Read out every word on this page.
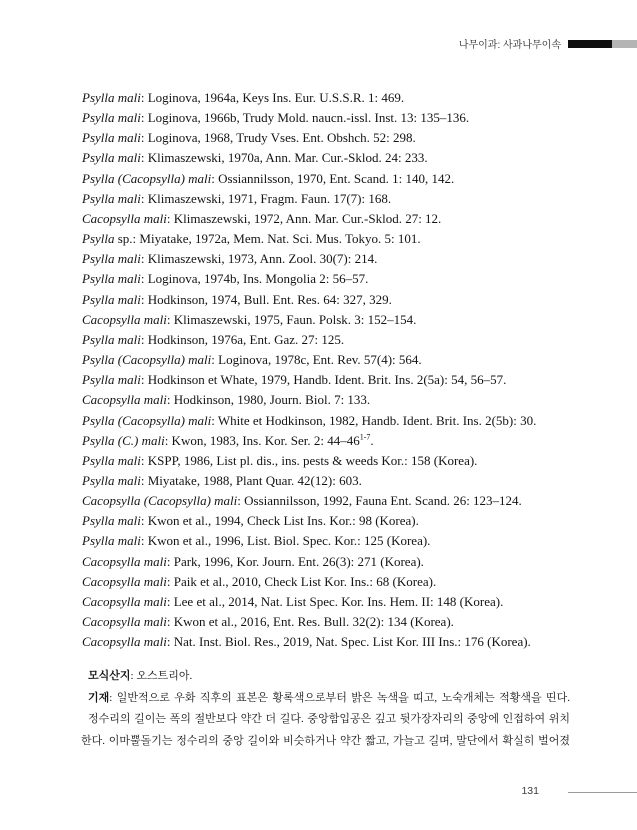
나무이과: 사과나무이속
Psylla mali: Loginova, 1964a, Keys Ins. Eur. U.S.S.R. 1: 469.
Psylla mali: Loginova, 1966b, Trudy Mold. naucn.-issl. Inst. 13: 135–136.
Psylla mali: Loginova, 1968, Trudy Vses. Ent. Obshch. 52: 298.
Psylla mali: Klimaszewski, 1970a, Ann. Mar. Cur.-Sklod. 24: 233.
Psylla (Cacopsylla) mali: Ossiannilsson, 1970, Ent. Scand. 1: 140, 142.
Psylla mali: Klimaszewski, 1971, Fragm. Faun. 17(7): 168.
Cacopsylla mali: Klimaszewski, 1972, Ann. Mar. Cur.-Sklod. 27: 12.
Psylla sp.: Miyatake, 1972a, Mem. Nat. Sci. Mus. Tokyo. 5: 101.
Psylla mali: Klimaszewski, 1973, Ann. Zool. 30(7): 214.
Psylla mali: Loginova, 1974b, Ins. Mongolia 2: 56–57.
Psylla mali: Hodkinson, 1974, Bull. Ent. Res. 64: 327, 329.
Cacopsylla mali: Klimaszewski, 1975, Faun. Polsk. 3: 152–154.
Psylla mali: Hodkinson, 1976a, Ent. Gaz. 27: 125.
Psylla (Cacopsylla) mali: Loginova, 1978c, Ent. Rev. 57(4): 564.
Psylla mali: Hodkinson et Whate, 1979, Handb. Ident. Brit. Ins. 2(5a): 54, 56–57.
Cacopsylla mali: Hodkinson, 1980, Journ. Biol. 7: 133.
Psylla (Cacopsylla) mali: White et Hodkinson, 1982, Handb. Ident. Brit. Ins. 2(5b): 30.
Psylla (C.) mali: Kwon, 1983, Ins. Kor. Ser. 2: 44–46$^{1-7}$.
Psylla mali: KSPP, 1986, List pl. dis., ins. pests & weeds Kor.: 158 (Korea).
Psylla mali: Miyatake, 1988, Plant Quar. 42(12): 603.
Cacopsylla (Cacopsylla) mali: Ossiannilsson, 1992, Fauna Ent. Scand. 26: 123–124.
Psylla mali: Kwon et al., 1994, Check List Ins. Kor.: 98 (Korea).
Psylla mali: Kwon et al., 1996, List. Biol. Spec. Kor.: 125 (Korea).
Cacopsylla mali: Park, 1996, Kor. Journ. Ent. 26(3): 271 (Korea).
Cacopsylla mali: Paik et al., 2010, Check List Kor. Ins.: 68 (Korea).
Cacopsylla mali: Lee et al., 2014, Nat. List Spec. Kor. Ins. Hem. II: 148 (Korea).
Cacopsylla mali: Kwon et al., 2016, Ent. Res. Bull. 32(2): 134 (Korea).
Cacopsylla mali: Nat. Inst. Biol. Res., 2019, Nat. Spec. List Kor. III Ins.: 176 (Korea).
모식산지: 오스트리아.
기재: 일반적으로 우화 직후의 표본은 황록색으로부터 밝은 녹색을 띠고, 노숙개체는 적황색을 띤다.
정수리의 길이는 폭의 절반보다 약간 더 길다. 중앙함입공은 깊고 뒷가장자리의 중앙에 인접하여 위치
한다. 이마뿔돌기는 정수리의 중앙 길이와 비슷하거나 약간 짧고, 가늘고 길며, 말단에서 확실히 벌어졌
131
